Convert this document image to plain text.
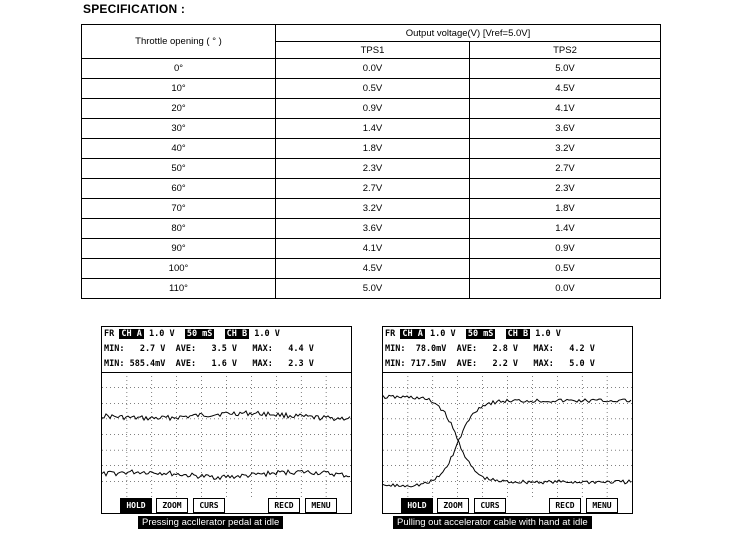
SPECIFICATION :
Throttle opening ( ° )	Output voltage(V) [Vref=5.0V]	
	TPS1	TPS2
0°	0.0V	5.0V
10°	0.5V	4.5V
20°	0.9V	4.1V
30°	1.4V	3.6V
40°	1.8V	3.2V
50°	2.3V	2.7V
60°	2.7V	2.3V
70°	3.2V	1.8V
80°	3.6V	1.4V
90°	4.1V	0.9V
100°	4.5V	0.5V
110°	5.0V	0.0V
FR CH A 1.0 V 50 mS CH B 1.0 V
MIN:   2.7 V  AVE:   3.5 V   MAX:   4.4 V
MIN: 585.4mV  AVE:   1.6 V   MAX:   2.3 V
HOLD	ZOOM	CURS	RECD	MENU
Pressing accllerator pedal at idle
FR CH A 1.0 V 50 mS CH B 1.0 V
MIN:  78.0mV  AVE:   2.8 V   MAX:   4.2 V
MIN: 717.5mV  AVE:   2.2 V   MAX:   5.0 V
HOLD	ZOOM	CURS	RECD	MENU
Pulling out accelerator cable with hand at idle
